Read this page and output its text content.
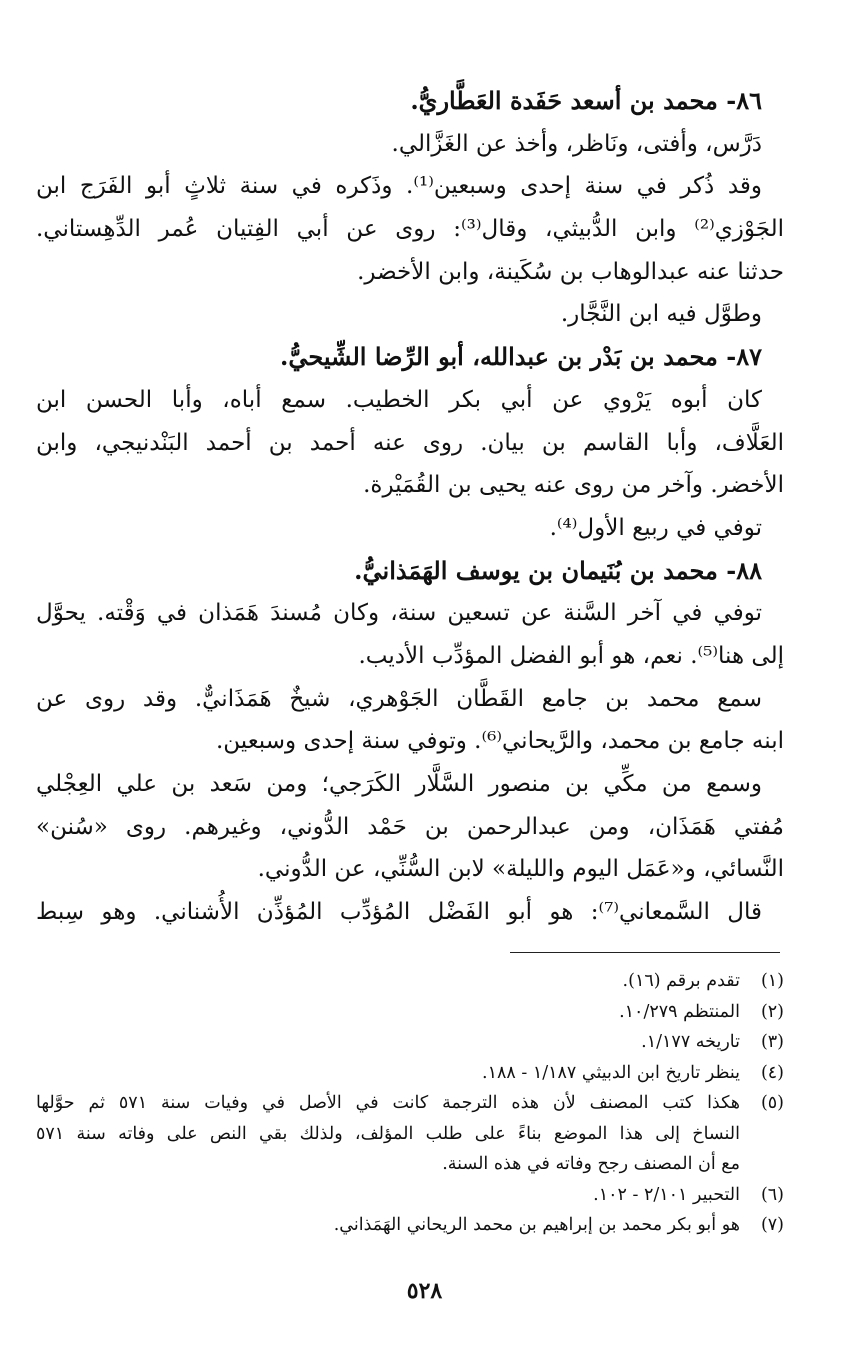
٨٦- محمد بن أسعد حَفَدة العَطَّاريُّ.
دَرَّس، وأفتى، ونَاظر، وأخذ عن الغَزَّالي.
وقد ذُكر في سنة إحدى وسبعين⁽¹⁾. وذَكره في سنة ثلاثٍ أبو الفَرَج ابن
الجَوْزي⁽²⁾ وابن الدُّبيثي، وقال⁽³⁾: روى عن أبي الفِتيان عُمر الدِّهِستاني.
حدثنا عنه عبدالوهاب بن سُكَينة، وابن الأخضر.
وطوَّل فيه ابن النَّجَّار.
٨٧- محمد بن بَدْر بن عبدالله، أبو الرِّضا الشِّيحيُّ.
كان أبوه يَرْوي عن أبي بكر الخطيب. سمع أباه، وأبا الحسن ابن
العَلَّاف، وأبا القاسم بن بيان. روى عنه أحمد بن أحمد البَنْدنيجي، وابن
الأخضر. وآخر من روى عنه يحيى بن القُمَيْرة.
توفي في ربيع الأول⁽⁴⁾.
٨٨- محمد بن بُنَيمان بن يوسف الهَمَذانيُّ.
توفي في آخر السَّنة عن تسعين سنة، وكان مُسندَ هَمَذان في وَقْته. يحوَّل
إلى هنا⁽⁵⁾. نعم، هو أبو الفضل المؤدِّب الأديب.
سمع محمد بن جامع القَطَّان الجَوْهري، شيخٌ هَمَذَانيٌّ. وقد روى عن
ابنه جامع بن محمد، والرَّيحاني⁽⁶⁾. وتوفي سنة إحدى وسبعين.
وسمع من مكِّي بن منصور السَّلَّار الكَرَجي؛ ومن سَعد بن علي العِجْلي
مُفتي هَمَذَان، ومن عبدالرحمن بن حَمْد الدُّوني، وغيرهم. روى «سُنن»
النَّسائي، و«عَمَل اليوم والليلة» لابن السُّنِّي، عن الدُّوني.
قال السَّمعاني⁽⁷⁾: هو أبو الفَضْل المُؤدِّب المُؤذِّن الأُشناني. وهو سِبط
(١)
تقدم برقم (١٦).
(٢)
المنتظم ١٠/٢٧٩.
(٣)
تاريخه ١/١٧٧.
(٤)
ينظر تاريخ ابن الدبيثي ١/١٨٧ - ١٨٨.
(٥)
هكذا كتب المصنف لأن هذه الترجمة كانت في الأصل في وفيات سنة ٥٧١ ثم حوَّلها
النساخ إلى هذا الموضع بناءً على طلب المؤلف، ولذلك بقي النص على وفاته سنة ٥٧١
مع أن المصنف رجح وفاته في هذه السنة.
(٦)
التحبير ٢/١٠١ - ١٠٢.
(٧)
هو أبو بكر محمد بن إبراهيم بن محمد الريحاني الهَمَذاني.
٥٢٨
